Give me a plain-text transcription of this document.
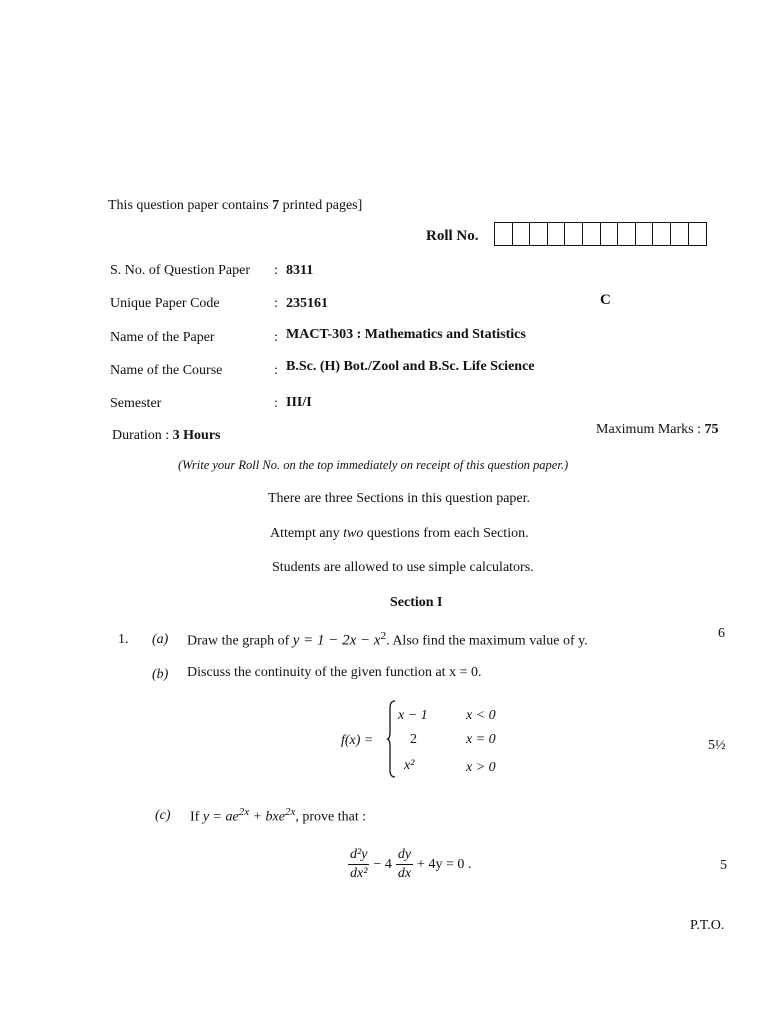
This question paper contains 7 printed pages]
Roll No.
S. No. of Question Paper : 8311
Unique Paper Code	: 235161	C
Name of the Paper	: MACT-303 : Mathematics and Statistics
Name of the Course	: B.Sc. (H) Bot./Zool and B.Sc. Life Science
Semester	: III/I
Duration : 3 Hours	Maximum Marks : 75
(Write your Roll No. on the top immediately on receipt of this question paper.)
There are three Sections in this question paper.
Attempt any two questions from each Section.
Students are allowed to use simple calculators.
Section I
1. (a) Draw the graph of $y = 1 - 2x - x^2$. Also find the maximum value of y.
6
(b) Discuss the continuity of the given function at x = 0.
f(x) =
x − 1	x < 0
2	x = 0
x²	x > 0
5½
(c) If $y = ae^{2x} + bxe^{2x}$, prove that :
$\frac{\text{d²y}}{\text{dx²}} - 4 \frac{dy}{dx} + 4y = 0$ .	5
P.T.O.
